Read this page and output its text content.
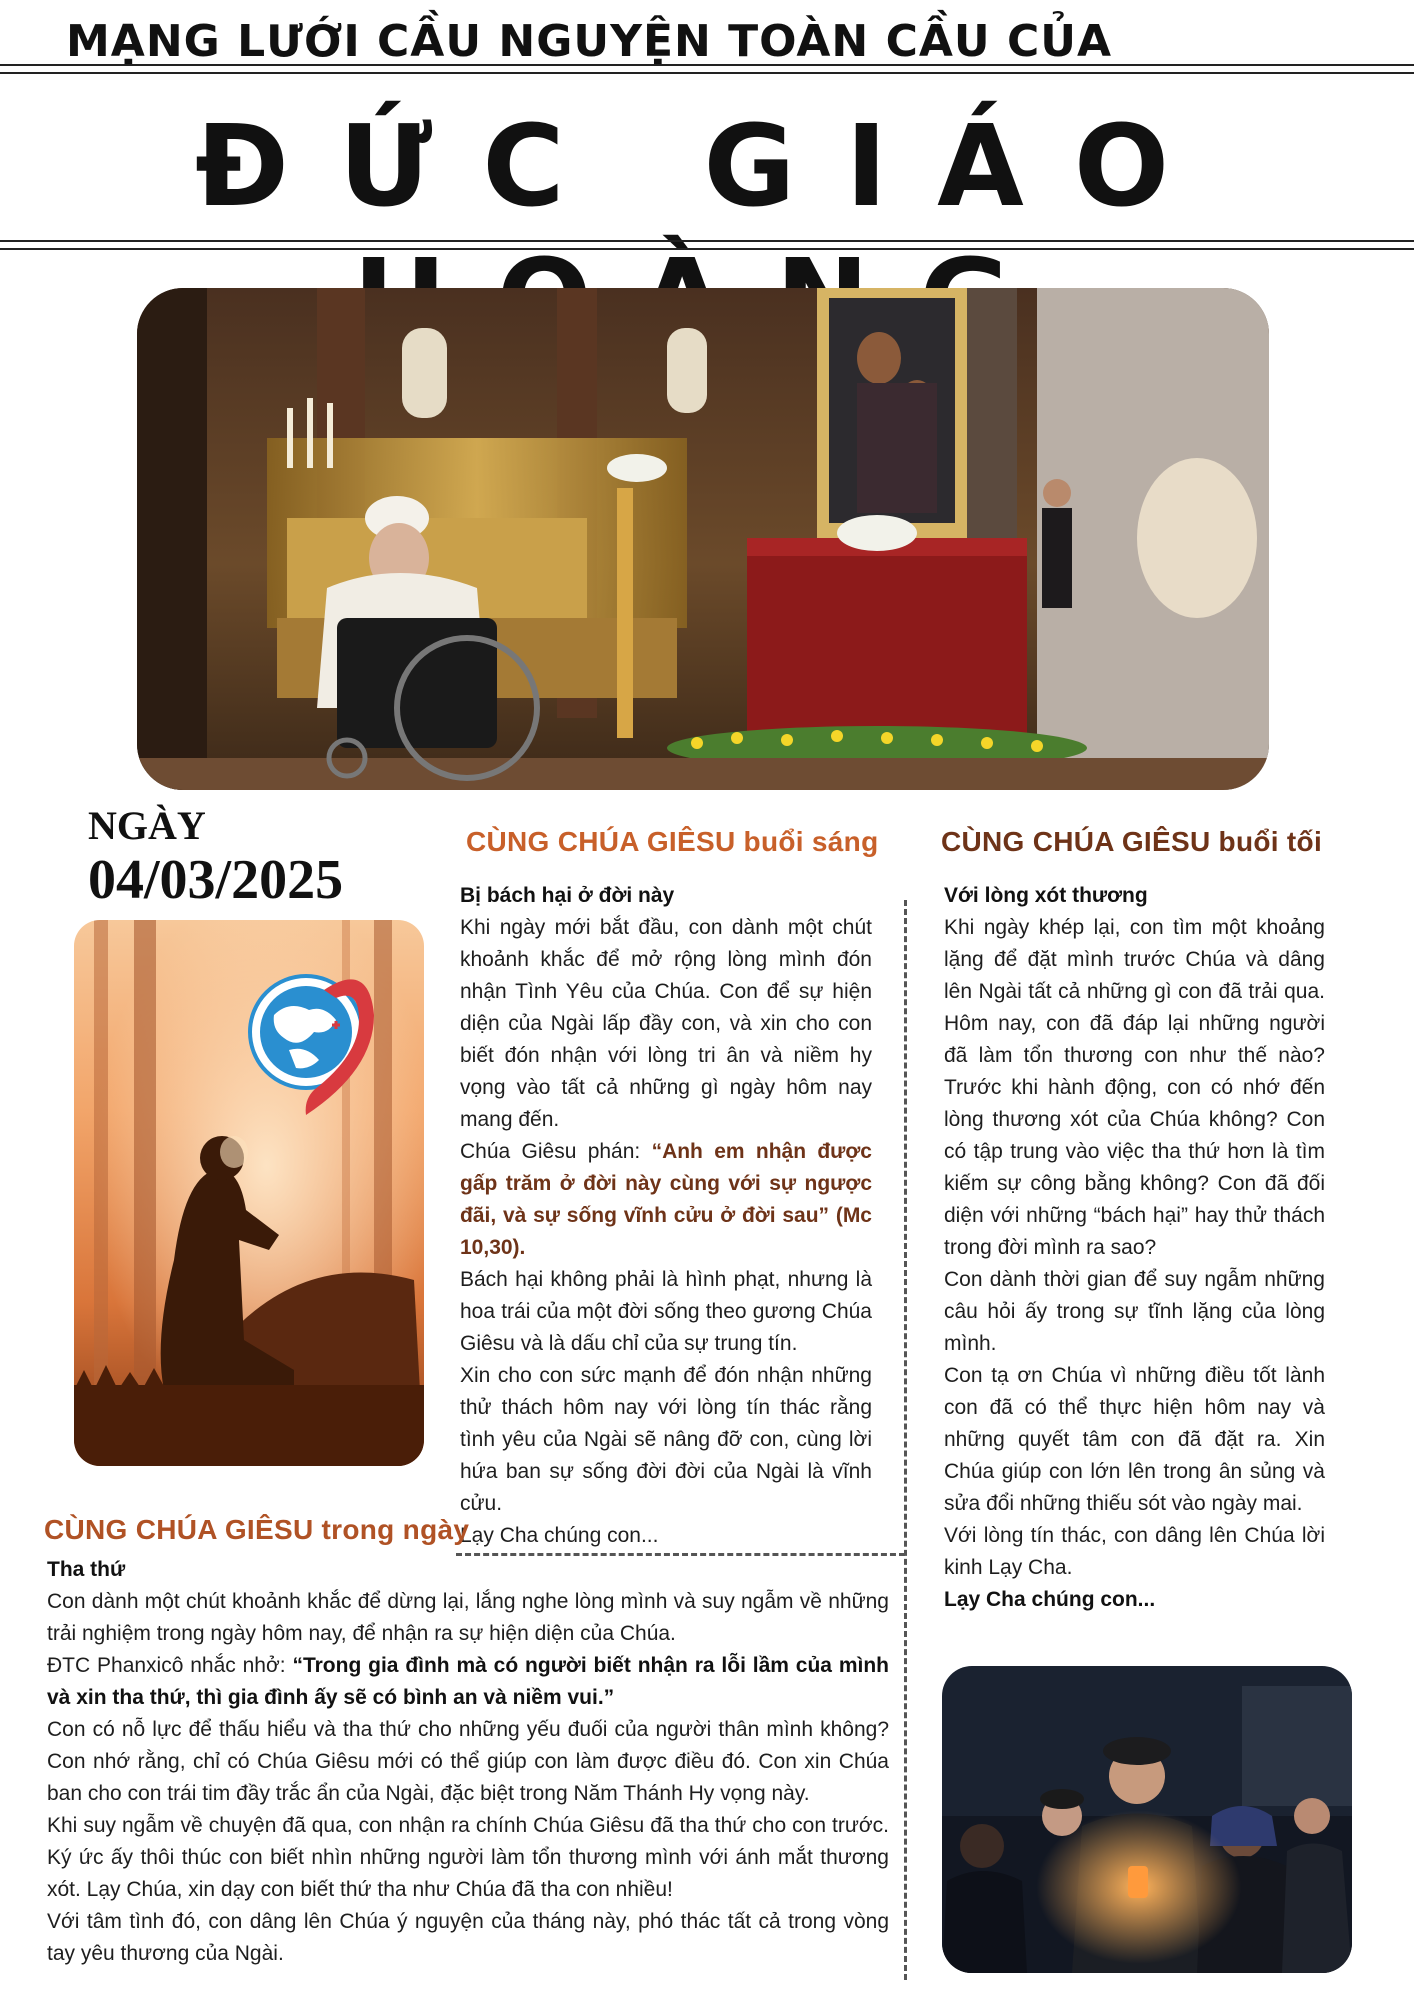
MẠNG LƯỚI CẦU NGUYỆN TOÀN CẦU CỦA
ĐỨC GIÁO
NGÀY
04/03/2025
CÙNG CHÚA GIÊSU buổi sáng

Bị bách hại ở đời này

Khi ngày mới bắt đầu, con dành một chút khoảnh khắc để mở rộng lòng mình đón nhận Tình Yêu của Chúa. Con để sự hiện diện của Ngài lấp đầy con, và xin cho con biết đón nhận với lòng tri ân và niềm hy vọng vào tất cả những gì ngày hôm nay mang đến.

Chúa Giêsu phán: “Anh em nhận được gấp trăm ở đời này cùng với sự ngược đãi, và sự sống vĩnh cửu ở đời sau” (Mc 10,30).

Bách hại không phải là hình phạt, nhưng là hoa trái của một đời sống theo gương Chúa Giêsu và là dấu chỉ của sự trung tín.

Xin cho con sức mạnh để đón nhận những thử thách hôm nay với lòng tín thác rằng tình yêu của Ngài sẽ nâng đỡ con, cùng lời hứa ban sự sống đời đời của Ngài là vĩnh cửu.

Lạy Cha chúng con...

CÙNG CHÚA GIÊSU buổi tối

Với lòng xót thương

Khi ngày khép lại, con tìm một khoảng lặng để đặt mình trước Chúa và dâng lên Ngài tất cả những gì con đã trải qua. Hôm nay, con đã đáp lại những người đã làm tổn thương con như thế nào? Trước khi hành động, con có nhớ đến lòng thương xót của Chúa không? Con có tập trung vào việc tha thứ hơn là tìm kiếm sự công bằng không? Con đã đối diện với những “bách hại” hay thử thách trong đời mình ra sao?

Con dành thời gian để suy ngẫm những câu hỏi ấy trong sự tĩnh lặng của lòng mình.

Con tạ ơn Chúa vì những điều tốt lành con đã có thể thực hiện hôm nay và những quyết tâm con đã đặt ra. Xin Chúa giúp con lớn lên trong ân sủng và sửa đổi những thiếu sót vào ngày mai.

Với lòng tín thác, con dâng lên Chúa lời kinh Lạy Cha.

Lạy Cha chúng con...

CÙNG CHÚA GIÊSU trong ngày

Tha thứ

Con dành một chút khoảnh khắc để dừng lại, lắng nghe lòng mình và suy ngẫm về những trải nghiệm trong ngày hôm nay, để nhận ra sự hiện diện của Chúa.

ĐTC Phanxicô nhắc nhở: “Trong gia đình mà có người biết nhận ra lỗi lầm của mình và xin tha thứ, thì gia đình ấy sẽ có bình an và niềm vui.”

Con có nỗ lực để thấu hiểu và tha thứ cho những yếu đuối của người thân mình không? Con nhớ rằng, chỉ có Chúa Giêsu mới có thể giúp con làm được điều đó. Con xin Chúa ban cho con trái tim đầy trắc ẩn của Ngài, đặc biệt trong Năm Thánh Hy vọng này.

Khi suy ngẫm về chuyện đã qua, con nhận ra chính Chúa Giêsu đã tha thứ cho con trước. Ký ức ấy thôi thúc con biết nhìn những người làm tổn thương mình với ánh mắt thương xót. Lạy Chúa, xin dạy con biết thứ tha như Chúa đã tha con nhiều!

Với tâm tình đó, con dâng lên Chúa ý nguyện của tháng này, phó thác tất cả trong vòng tay yêu thương của Ngài.
